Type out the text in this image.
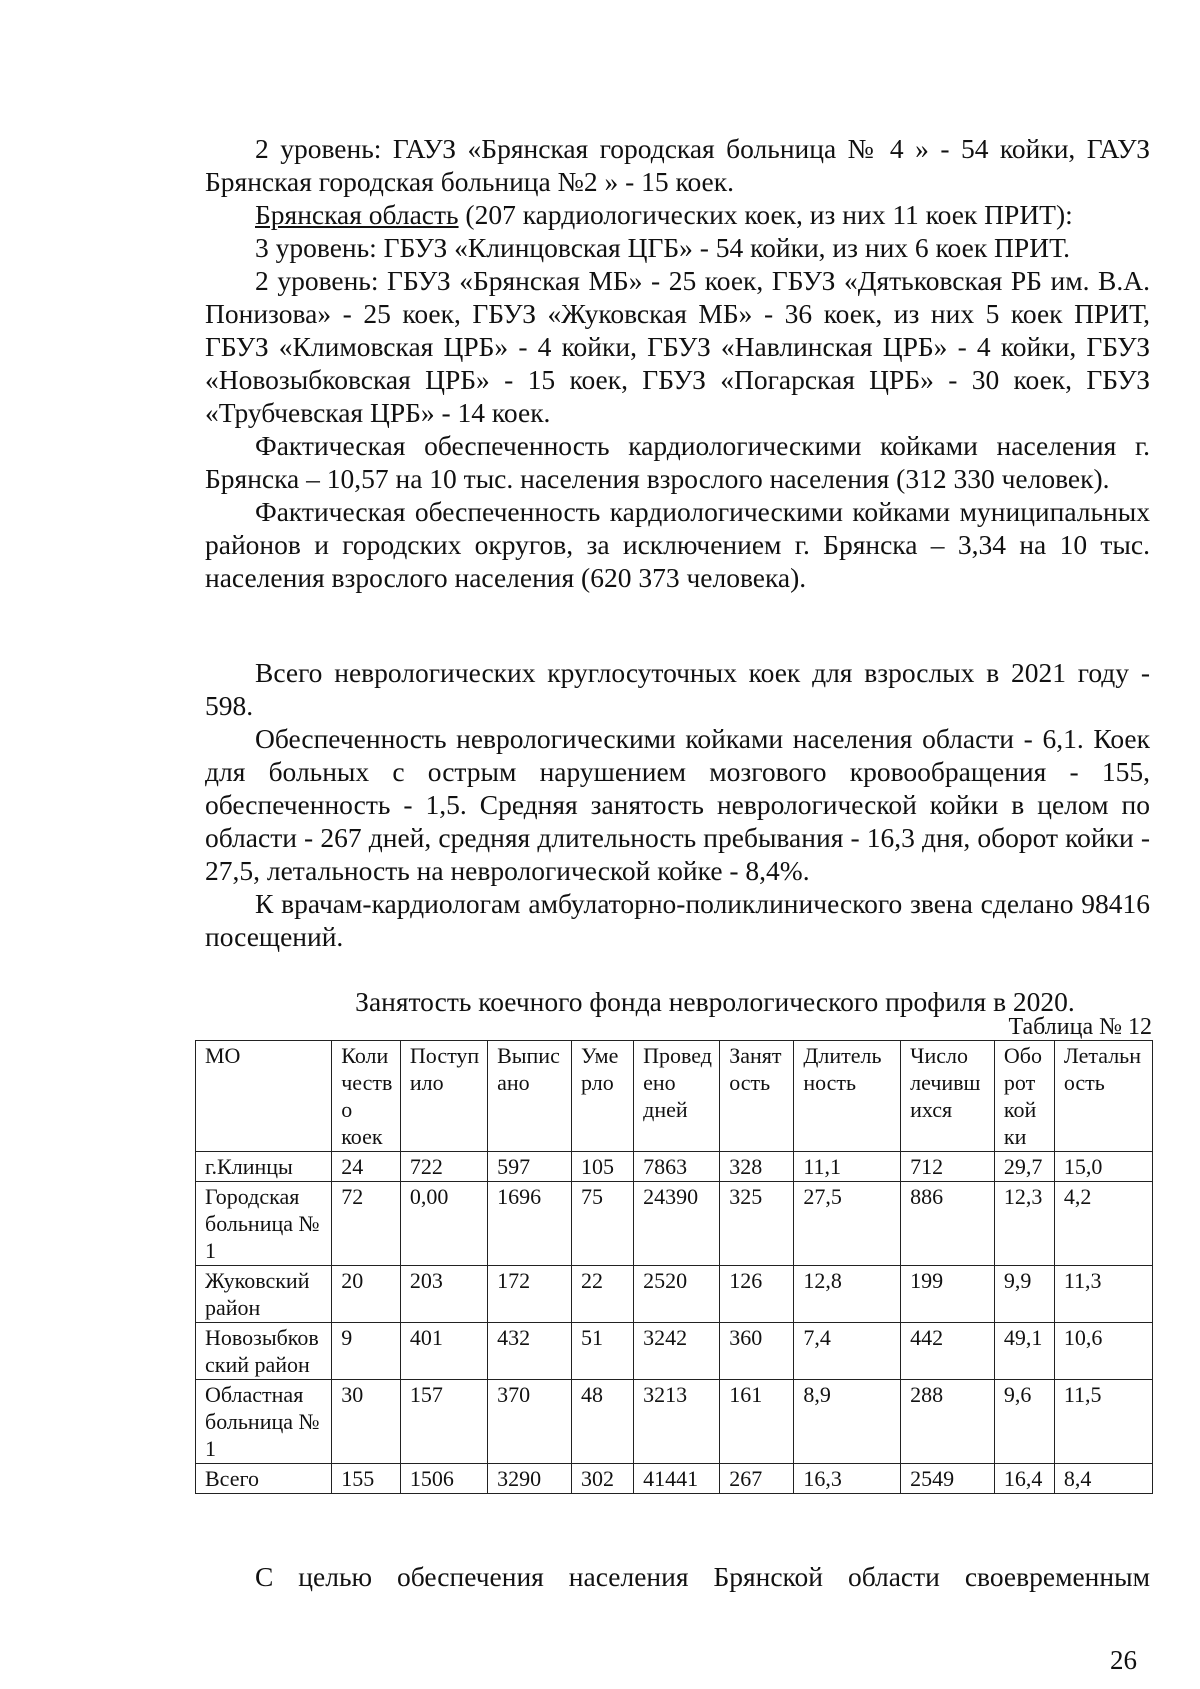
2 уровень: ГАУЗ «Брянская городская больница № 4 » - 54 койки, ГАУЗ Брянская городская больница №2 » - 15 коек.

Брянская область (207 кардиологических коек, из них 11 коек ПРИТ):

3 уровень: ГБУЗ «Клинцовская ЦГБ» - 54 койки, из них 6 коек ПРИТ.

2 уровень: ГБУЗ «Брянская МБ» - 25 коек, ГБУЗ «Дятьковская РБ им. В.А. Понизова» - 25 коек, ГБУЗ «Жуковская МБ» - 36 коек, из них 5 коек ПРИТ, ГБУЗ «Климовская ЦРБ» - 4 койки, ГБУЗ «Навлинская ЦРБ» - 4 койки, ГБУЗ «Новозыбковская ЦРБ» - 15 коек, ГБУЗ «Погарская ЦРБ» - 30 коек, ГБУЗ «Трубчевская ЦРБ» - 14 коек.

Фактическая обеспеченность кардиологическими койками населения г. Брянска – 10,57 на 10 тыс. населения взрослого населения (312 330 человек).

Фактическая обеспеченность кардиологическими койками муниципальных районов и городских округов, за исключением г. Брянска – 3,34 на 10 тыс. населения взрослого населения (620 373 человека).

Всего неврологических круглосуточных коек для взрослых в 2021 году - 598.

Обеспеченность неврологическими койками населения области - 6,1. Коек для больных с острым нарушением мозгового кровообращения - 155, обеспеченность - 1,5. Средняя занятость неврологической койки в целом по области - 267 дней, средняя длительность пребывания - 16,3 дня, оборот койки - 27,5, летальность на неврологической койке - 8,4%.

К врачам-кардиологам амбулаторно-поликлинического звена сделано 98416 посещений.

Занятость коечного фонда неврологического профиля в 2020.
Таблица № 12
МО	Количество коек	Поступило	Выписано	Умерло	Проведено дней	Занятость	Длительность	Число лечившихся	Оборот койки	Летальность
г.Клинцы	24	722	597	105	7863	328	11,1	712	29,7	15,0
Городская больница № 1	72	0,00	1696	75	24390	325	27,5	886	12,3	4,2
Жуковский район	20	203	172	22	2520	126	12,8	199	9,9	11,3
Новозыбковский район	9	401	432	51	3242	360	7,4	442	49,1	10,6
Областная больница № 1	30	157	370	48	3213	161	8,9	288	9,6	11,5
Всего	155	1506	3290	302	41441	267	16,3	2549	16,4	8,4
С целью обеспечения населения Брянской области своевременным
26
